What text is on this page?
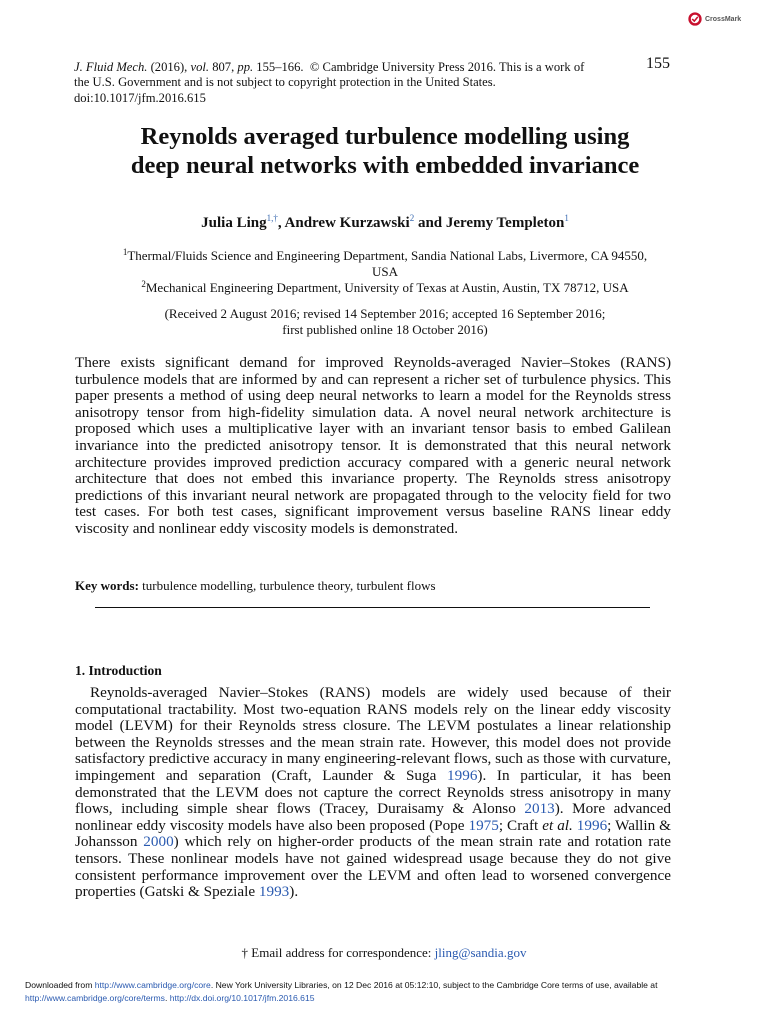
CrossMark
155
J. Fluid Mech. (2016), vol. 807, pp. 155–166. © Cambridge University Press 2016. This is a work of
the U.S. Government and is not subject to copyright protection in the United States.
doi:10.1017/jfm.2016.615
Reynolds averaged turbulence modelling using
deep neural networks with embedded invariance
Julia Ling$^{1,\dagger}$, Andrew Kurzawski$^2$ and Jeremy Templeton$^1$
$^1$Thermal/Fluids Science and Engineering Department, Sandia National Labs, Livermore, CA 94550,
USA
$^2$Mechanical Engineering Department, University of Texas at Austin, Austin, TX 78712, USA
(Received 2 August 2016; revised 14 September 2016; accepted 16 September 2016;
first published online 18 October 2016)
There exists significant demand for improved Reynolds-averaged Navier–Stokes (RANS) turbulence models that are informed by and can represent a richer set of turbulence physics. This paper presents a method of using deep neural networks to learn a model for the Reynolds stress anisotropy tensor from high-fidelity simulation data. A novel neural network architecture is proposed which uses a multiplicative layer with an invariant tensor basis to embed Galilean invariance into the predicted anisotropy tensor. It is demonstrated that this neural network architecture provides improved prediction accuracy compared with a generic neural network architecture that does not embed this invariance property. The Reynolds stress anisotropy predictions of this invariant neural network are propagated through to the velocity field for two test cases. For both test cases, significant improvement versus baseline RANS linear eddy viscosity and nonlinear eddy viscosity models is demonstrated.
Key words: turbulence modelling, turbulence theory, turbulent flows
1. Introduction
Reynolds-averaged Navier–Stokes (RANS) models are widely used because of their computational tractability. Most two-equation RANS models rely on the linear eddy viscosity model (LEVM) for their Reynolds stress closure. The LEVM postulates a linear relationship between the Reynolds stresses and the mean strain rate. However, this model does not provide satisfactory predictive accuracy in many engineering-relevant flows, such as those with curvature, impingement and separation (Craft, Launder & Suga 1996). In particular, it has been demonstrated that the LEVM does not capture the correct Reynolds stress anisotropy in many flows, including simple shear flows (Tracey, Duraisamy & Alonso 2013). More advanced nonlinear eddy viscosity models have also been proposed (Pope 1975; Craft et al. 1996; Wallin & Johansson 2000) which rely on higher-order products of the mean strain rate and rotation rate tensors. These nonlinear models have not gained widespread usage because they do not give consistent performance improvement over the LEVM and often lead to worsened convergence properties (Gatski & Speziale 1993).
† Email address for correspondence: jling@sandia.gov
Downloaded from http://www.cambridge.org/core. New York University Libraries, on 12 Dec 2016 at 05:12:10, subject to the Cambridge Core terms of use, available at
http://www.cambridge.org/core/terms. http://dx.doi.org/10.1017/jfm.2016.615
